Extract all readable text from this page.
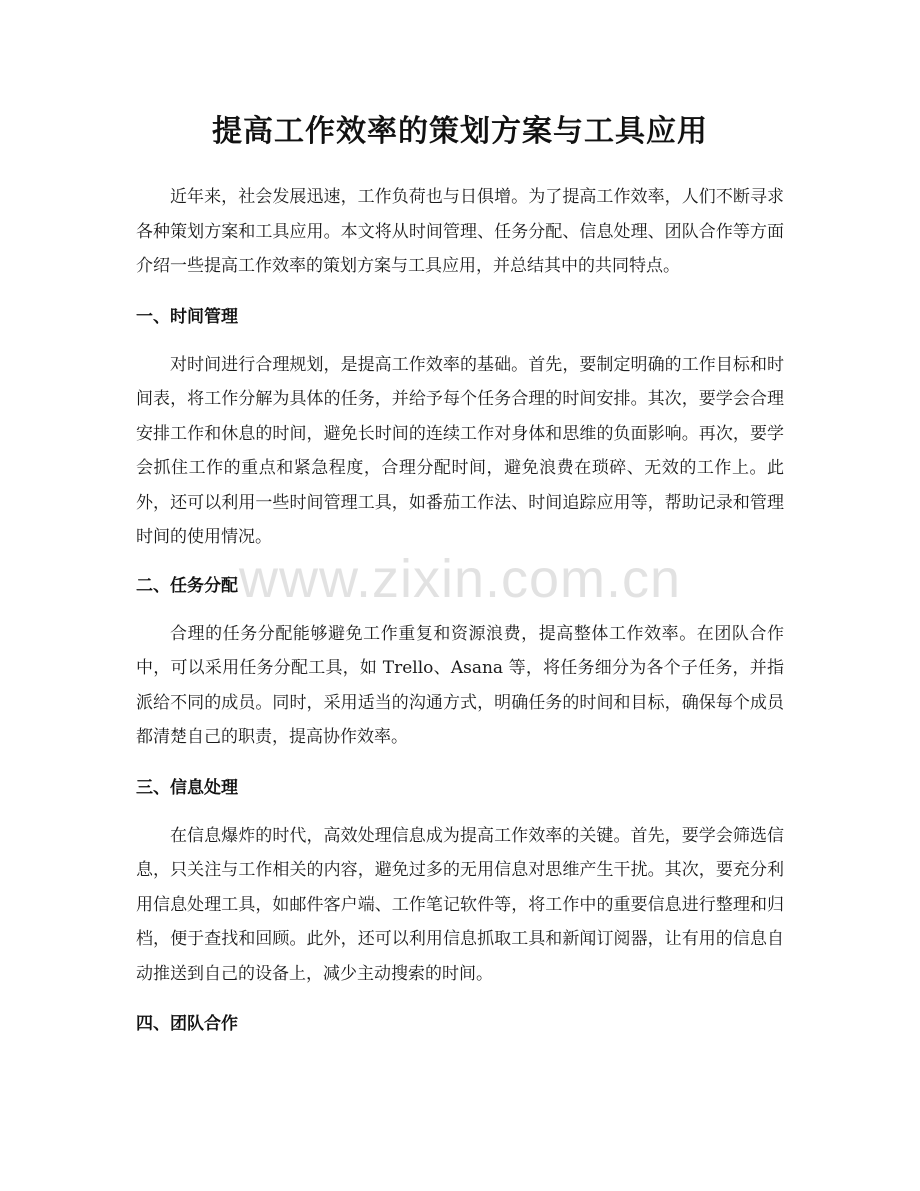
提高工作效率的策划方案与工具应用
www.zixin.com.cn

近年来，社会发展迅速，工作负荷也与日俱增。为了提高工作效率，人们不断寻求各种策划方案和工具应用。本文将从时间管理、任务分配、信息处理、团队合作等方面介绍一些提高工作效率的策划方案与工具应用，并总结其中的共同特点。

一、时间管理

对时间进行合理规划，是提高工作效率的基础。首先，要制定明确的工作目标和时间表，将工作分解为具体的任务，并给予每个任务合理的时间安排。其次，要学会合理安排工作和休息的时间，避免长时间的连续工作对身体和思维的负面影响。再次，要学会抓住工作的重点和紧急程度，合理分配时间，避免浪费在琐碎、无效的工作上。此外，还可以利用一些时间管理工具，如番茄工作法、时间追踪应用等，帮助记录和管理时间的使用情况。

二、任务分配

合理的任务分配能够避免工作重复和资源浪费，提高整体工作效率。在团队合作中，可以采用任务分配工具，如 Trello、Asana 等，将任务细分为各个子任务，并指派给不同的成员。同时，采用适当的沟通方式，明确任务的时间和目标，确保每个成员都清楚自己的职责，提高协作效率。

三、信息处理

在信息爆炸的时代，高效处理信息成为提高工作效率的关键。首先，要学会筛选信息，只关注与工作相关的内容，避免过多的无用信息对思维产生干扰。其次，要充分利用信息处理工具，如邮件客户端、工作笔记软件等，将工作中的重要信息进行整理和归档，便于查找和回顾。此外，还可以利用信息抓取工具和新闻订阅器，让有用的信息自动推送到自己的设备上，减少主动搜索的时间。

四、团队合作
